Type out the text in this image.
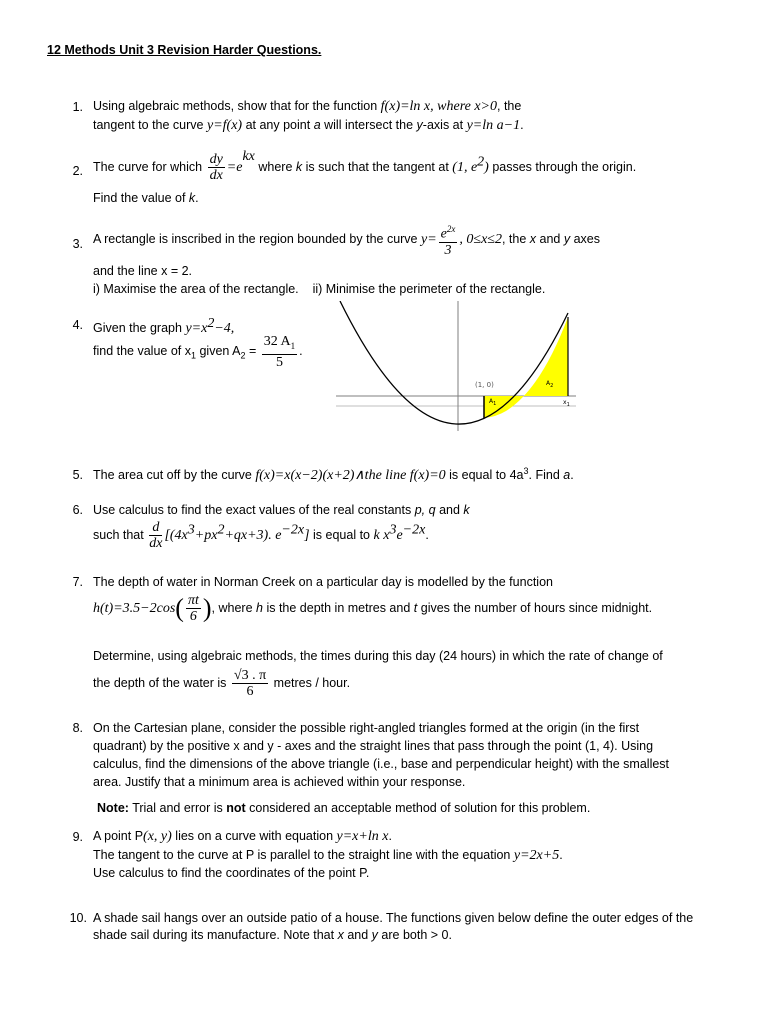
12 Methods Unit 3 Revision Harder Questions.
1. Using algebraic methods, show that for the function f(x)=ln x, where x>0, the
tangent to the curve y=f(x) at any point a will intersect the y-axis at y=ln a−1.
2. The curve for which $\frac{dy}{dx} =e^{kx}$ where k is such that the tangent at (1, $e^2$) passes through the origin.
Find the value of k.
3. A rectangle is inscribed in the region bounded by the curve $y= \frac{e^{2x}}{3}$ , 0≤x≤2, the x and y axes
and the line x = 2.
i) Maximise the area of the rectangle. ii) Minimise the perimeter of the rectangle.
4. Given the graph $y=x^2-4$,
find the value of $x_1$ given $A_2 = \frac{32 A_1}{5}$ .
(1, 0)
$A_1$
$A_2$
$x_1$
5. The area cut off by the curve f(x)=x(x−2)(x+2)∧the line f(x)=0 is equal to $4a^3$. Find a.
6. Use calculus to find the exact values of the real constants p, q and k
such that $\frac{d}{dx} [(4x^3+px^2+qx+3)$. $e^{-2x}$] is equal to k $x^3e^{-2x}$.
7. The depth of water in Norman Creek on a particular day is modelled by the function
$h(t)=3.5-2\cos( \frac{\pi t}{6}$ ), where h is the depth in metres and t gives the number of hours since midnight.
Determine, using algebraic methods, the times during this day (24 hours) in which the rate of change of
the depth of the water is $\frac{√3 . \pi}{6}$ metres / hour.
8. On the Cartesian plane, consider the possible right-angled triangles formed at the origin (in the first
quadrant) by the positive x and y - axes and the straight lines that pass through the point (1, 4). Using
calculus, find the dimensions of the above triangle (i.e., base and perpendicular height) with the smallest
area. Justify that a minimum area is achieved within your response.
Note: Trial and error is not considered an acceptable method of solution for this problem.
9. A point P(x, y) lies on a curve with equation y=x+ln x.
The tangent to the curve at P is parallel to the straight line with the equation y=2x+5.
Use calculus to find the coordinates of the point P.
10. A shade sail hangs over an outside patio of a house. The functions given below define the outer edges of the
shade sail during its manufacture. Note that x and y are both > 0.
